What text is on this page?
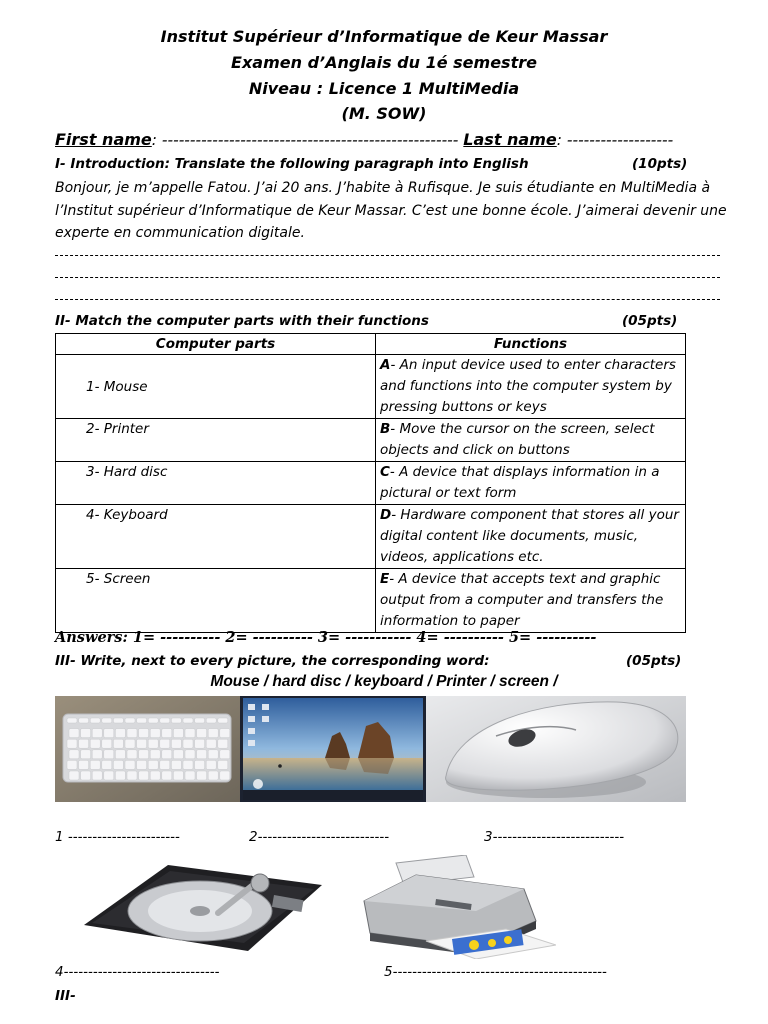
Institut Supérieur d’Informatique de Keur Massar
Examen d’Anglais du 1é semestre
Niveau : Licence 1 MultiMedia
(M. SOW)
First name: ----------------------------------------------------- Last name: -------------------
I- Introduction: Translate the following paragraph into English	(10pts)
Bonjour, je m’appelle Fatou. J’ai 20 ans. J’habite à Rufisque. Je suis étudiante en MultiMedia à l’Institut supérieur d’Informatique de Keur Massar. C’est une bonne école. J’aimerai devenir une experte en communication digitale.
II- Match the computer parts with their functions	(05pts)
Computer parts	Functions
1- Mouse	A- An input device used to enter characters and functions into the computer system by pressing buttons or keys
2- Printer	B- Move the cursor on the screen, select objects and click on buttons
3- Hard disc	C- A device that displays information in a pictural or text form
4- Keyboard	D- Hardware component that stores all your digital content like documents, music, videos, applications etc.
5- Screen	E- A device that accepts text and graphic output from a computer and transfers the information to paper
Answers: 1= ---------- 2= ---------- 3= ----------- 4= ---------- 5= ----------
III- Write, next to every picture, the corresponding word:	(05pts)
Mouse / hard disc / keyboard / Printer / screen /
1 -----------------------	2---------------------------	3---------------------------
4--------------------------------	5--------------------------------------------
III-
